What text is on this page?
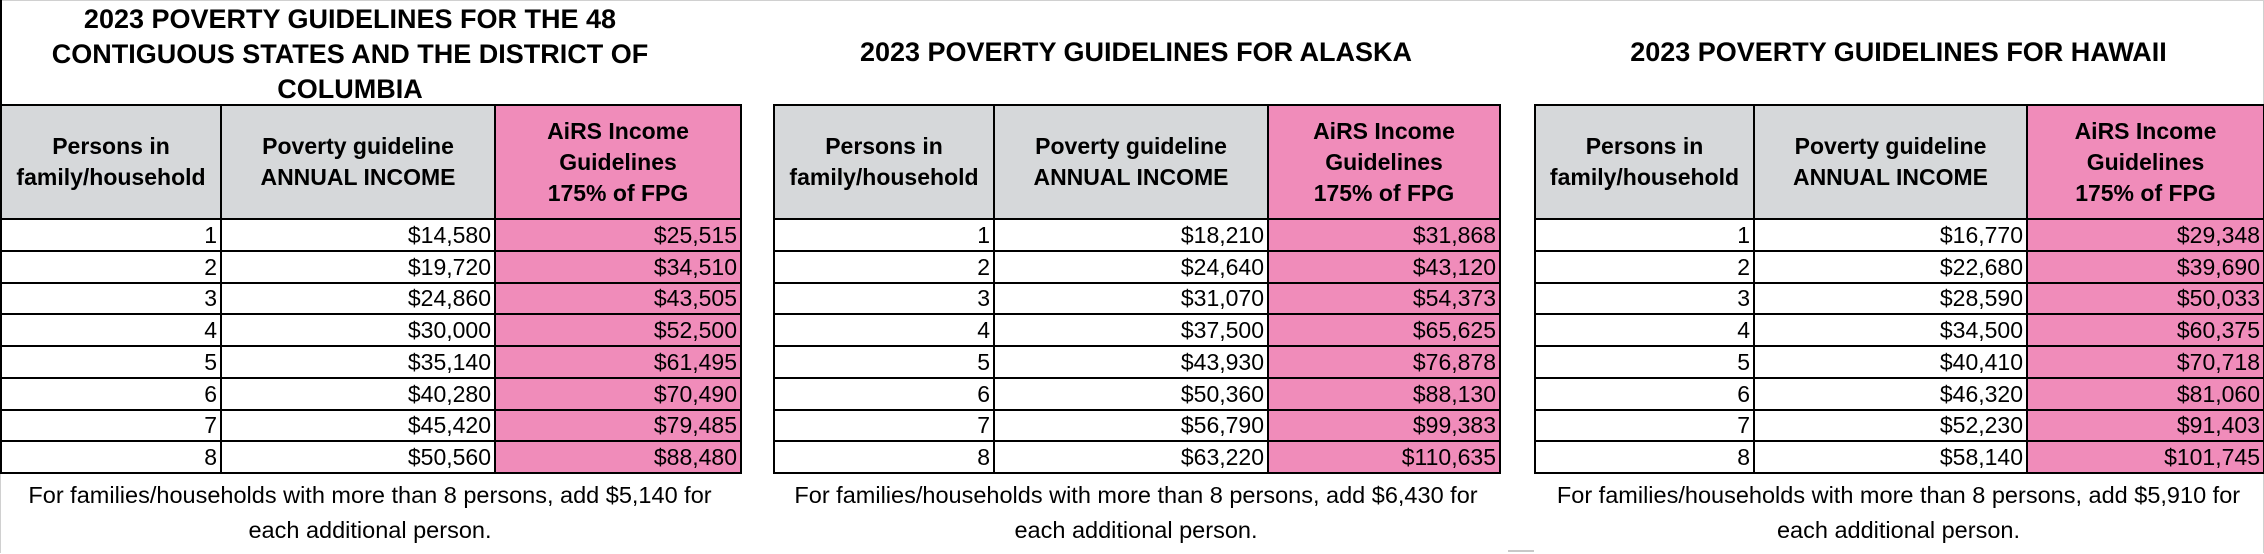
2023 POVERTY GUIDELINES FOR THE 48 CONTIGUOUS STATES AND THE DISTRICT OF COLUMBIA
Persons in family/household	Poverty guideline ANNUAL INCOME	AiRS Income
Guidelines
175% of FPG
1	$14,580	$25,515
2	$19,720	$34,510
3	$24,860	$43,505
4	$30,000	$52,500
5	$35,140	$61,495
6	$40,280	$70,490
7	$45,420	$79,485
8	$50,560	$88,480
For families/households with more than 8 persons, add $5,140 for each additional person.
2023 POVERTY GUIDELINES FOR ALASKA
Persons in family/household	Poverty guideline ANNUAL INCOME	AiRS Income
Guidelines
175% of FPG
1	$18,210	$31,868
2	$24,640	$43,120
3	$31,070	$54,373
4	$37,500	$65,625
5	$43,930	$76,878
6	$50,360	$88,130
7	$56,790	$99,383
8	$63,220	$110,635
For families/households with more than 8 persons, add $6,430 for each additional person.
2023 POVERTY GUIDELINES FOR HAWAII
Persons in family/household	Poverty guideline ANNUAL INCOME	AiRS Income
Guidelines
175% of FPG
1	$16,770	$29,348
2	$22,680	$39,690
3	$28,590	$50,033
4	$34,500	$60,375
5	$40,410	$70,718
6	$46,320	$81,060
7	$52,230	$91,403
8	$58,140	$101,745
For families/households with more than 8 persons, add $5,910 for each additional person.
